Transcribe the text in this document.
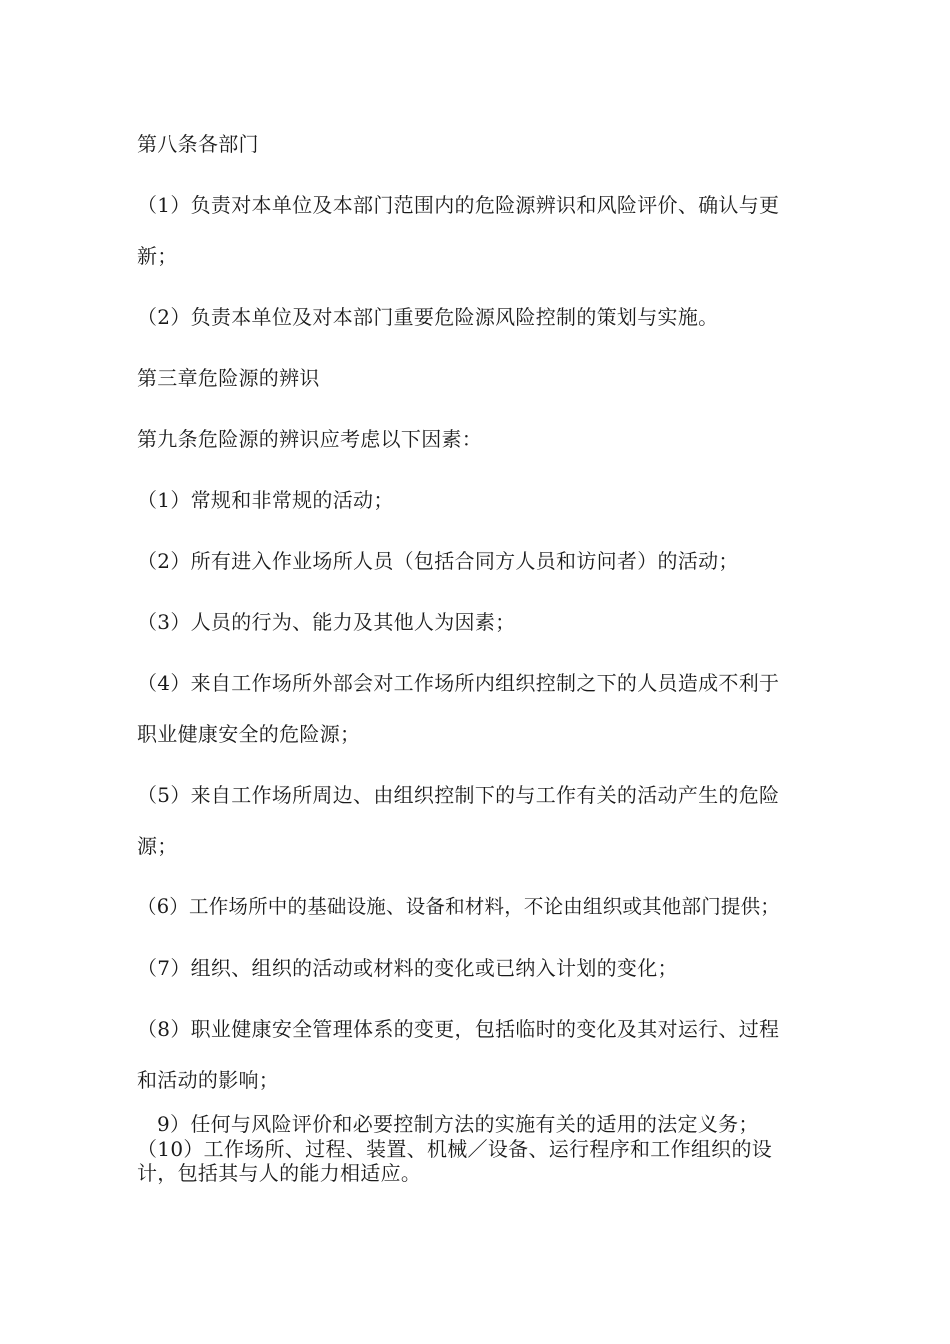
第八条各部门
（1）负责对本单位及本部门范围内的危险源辨识和风险评价、确认与更
新；
（2）负责本单位及对本部门重要危险源风险控制的策划与实施。
第三章危险源的辨识
第九条危险源的辨识应考虑以下因素：
（1）常规和非常规的活动；
（2）所有进入作业场所人员（包括合同方人员和访问者）的活动；
（3）人员的行为、能力及其他人为因素；
（4）来自工作场所外部会对工作场所内组织控制之下的人员造成不利于
职业健康安全的危险源；
（5）来自工作场所周边、由组织控制下的与工作有关的活动产生的危险
源；
（6）工作场所中的基础设施、设备和材料，不论由组织或其他部门提供；
（7）组织、组织的活动或材料的变化或已纳入计划的变化；
（8）职业健康安全管理体系的变更，包括临时的变化及其对运行、过程
和活动的影响；
9）任何与风险评价和必要控制方法的实施有关的适用的法定义务；
（10）工作场所、过程、装置、机械／设备、运行程序和工作组织的设
计，包括其与人的能力相适应。
